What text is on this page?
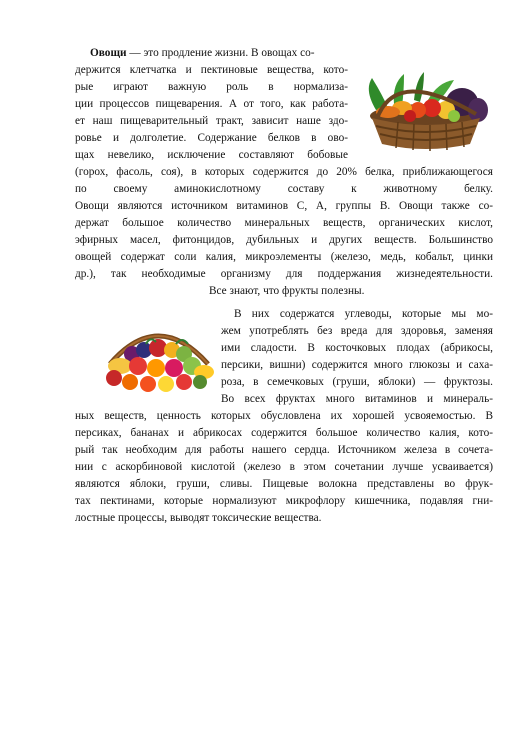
Овощи — это продление жизни. В овощах со-
держится клетчатка и пектиновые вещества, кото-
рые играют важную роль в нормализа-
ции процессов пищеварения. А от того, как работа-
ет наш пищеварительный тракт, зависит наше здо-
ровье и долголетие. Содержание белков в ово-
щах невелико, исключение составляют бобовые
(горох, фасоль, соя), в которых содержится до 20% белка, приближающегося
по своему аминокислотному составу к животному белку.
Овощи являются источником витаминов С, А, группы В. Овощи также со-
держат большое количество минеральных веществ, органических кислот,
эфирных масел, фитонцидов, дубильных и других веществ. Большинство
овощей содержат соли калия, микроэлементы (железо, медь, кобальт, цинки
др.), так необходимые организму для поддержания жизнедеятельности.
Все знают, что фрукты полезны.
В них содержатся углеводы, которые мы мо-
жем употреблять без вреда для здоровья, заменяя
ими сладости. В косточковых плодах (абрикосы,
персики, вишни) содержится много глюкозы и саха-
роза, в семечковых (груши, яблоки) — фруктозы.
Во всех фруктах много витаминов и минераль-
ных веществ, ценность которых обусловлена их хорошей усвояемостью. В
персиках, бананах и абрикосах содержится большое количество калия, кото-
рый так необходим для работы нашего сердца. Источником железа в сочета-
нии с аскорбиновой кислотой (железо в этом сочетании лучше усваивается)
являются яблоки, груши, сливы. Пищевые волокна представлены во фрук-
тах пектинами, которые нормализуют микрофлору кишечника, подавляя гни-
лостные процессы, выводят токсические вещества.
